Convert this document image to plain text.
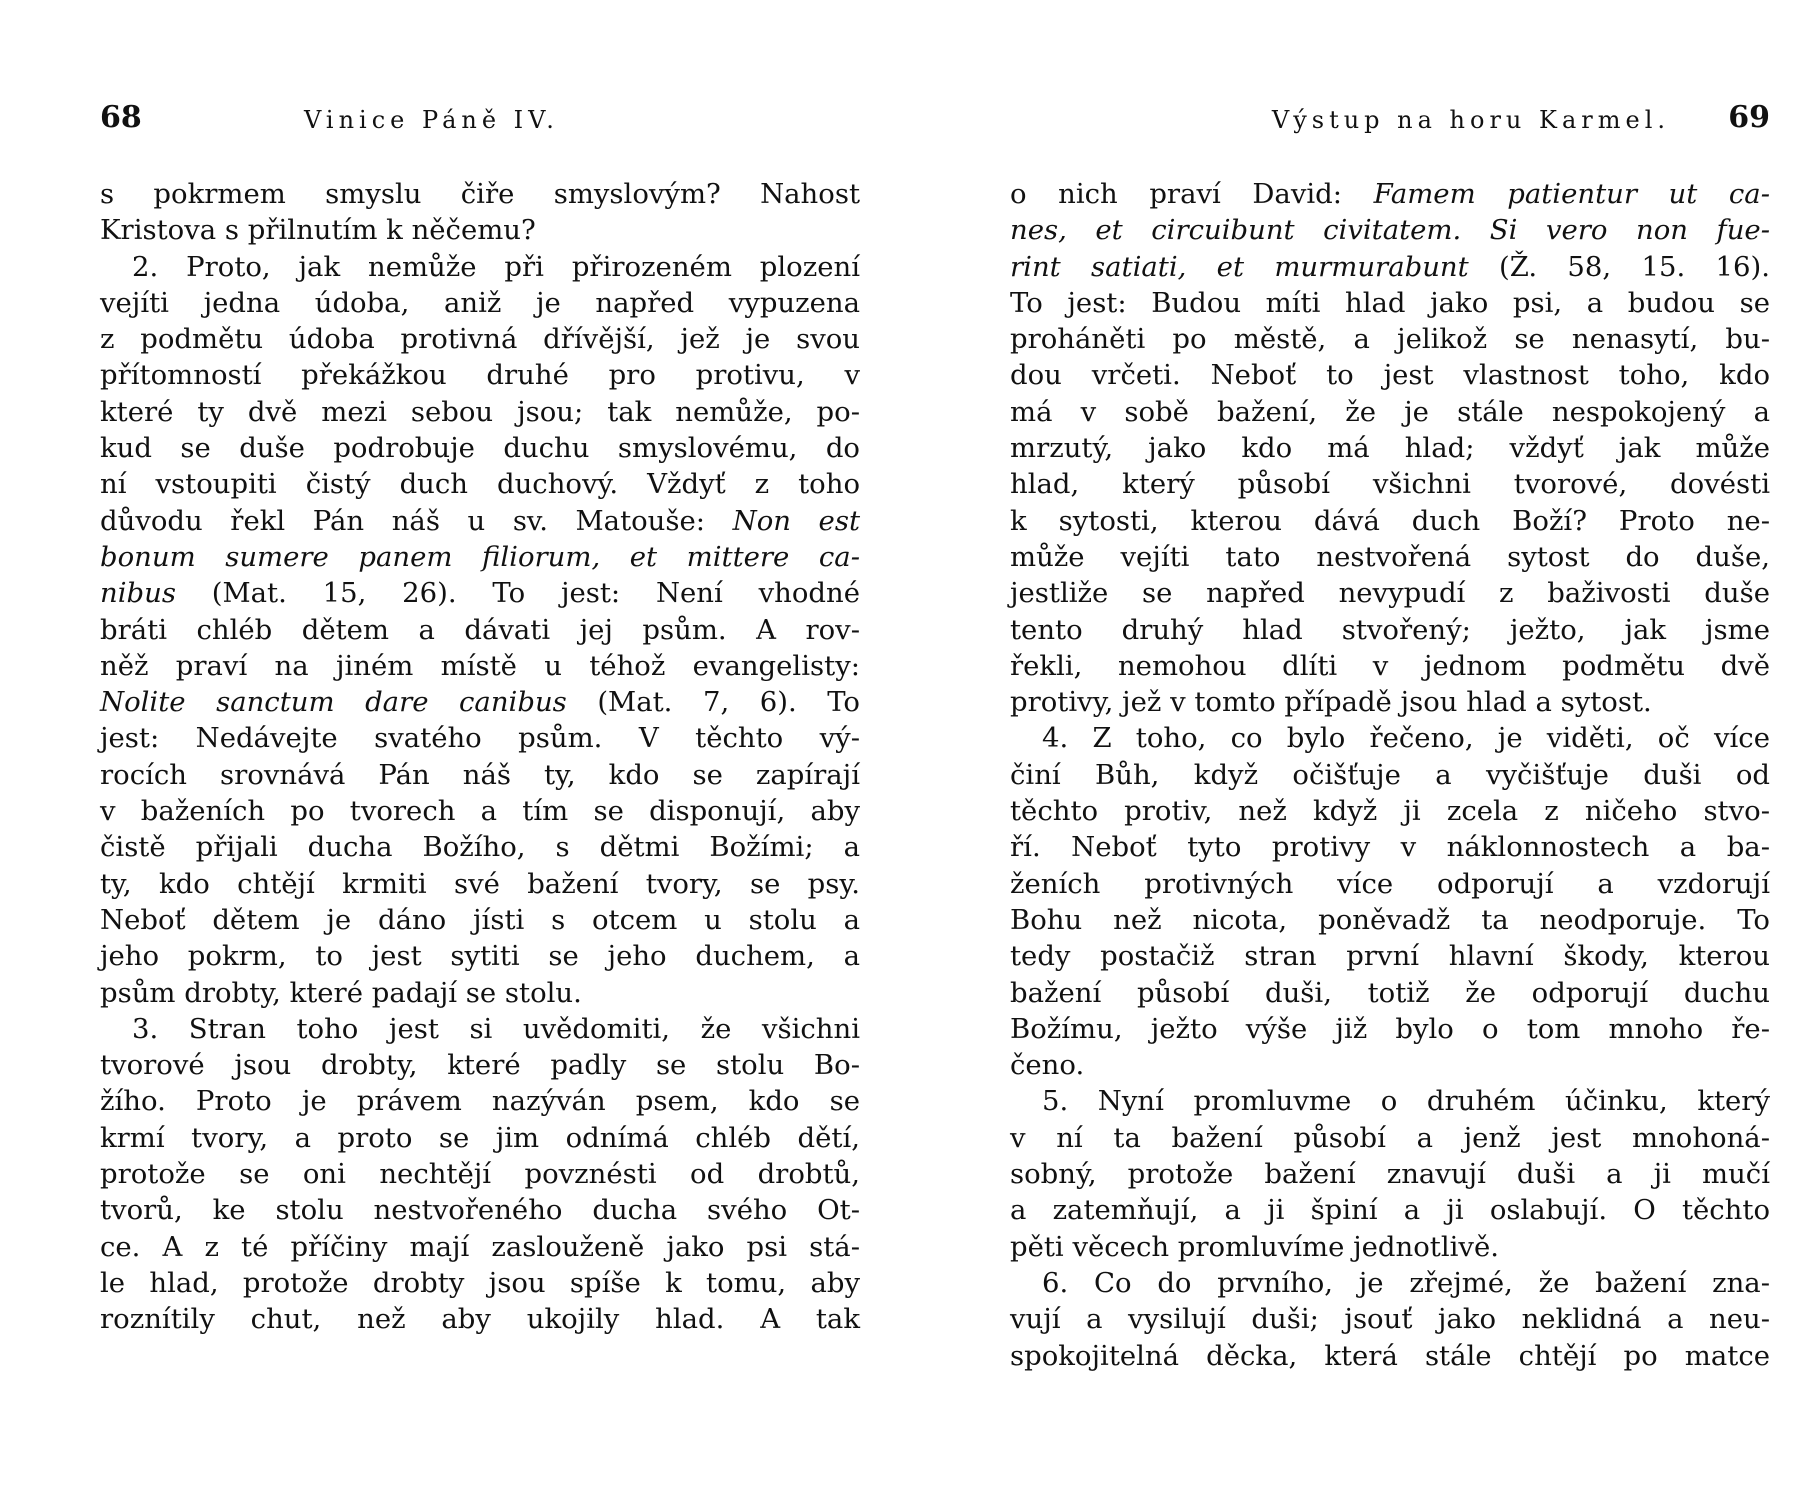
68	Vinice Páně IV.

s pokrmem smyslu čiře smyslovým? Nahost

Kristova s přilnutím k něčemu?

2. Proto, jak nemůže při přirozeném plození

vejíti jedna údoba, aniž je napřed vypuzena

z podmětu údoba protivná dřívější, jež je svou

přítomností překážkou druhé pro protivu, v

které ty dvě mezi sebou jsou; tak nemůže, po-

kud se duše podrobuje duchu smyslovému, do

ní vstoupiti čistý duch duchový. Vždyť z toho

důvodu řekl Pán náš u sv. Matouše: Non est

bonum sumere panem filiorum, et mittere ca-

nibus (Mat. 15, 26). To jest: Není vhodné

bráti chléb dětem a dávati jej psům. A rov-

něž praví na jiném místě u téhož evangelisty:

Nolite sanctum dare canibus (Mat. 7, 6). To

jest: Nedávejte svatého psům. V těchto vý-

rocích srovnává Pán náš ty, kdo se zapírají

v baženích po tvorech a tím se disponují, aby

čistě přijali ducha Božího, s dětmi Božími; a

ty, kdo chtějí krmiti své bažení tvory, se psy.

Neboť dětem je dáno jísti s otcem u stolu a

jeho pokrm, to jest sytiti se jeho duchem, a

psům drobty, které padají se stolu.

3. Stran toho jest si uvědomiti, že všichni

tvorové jsou drobty, které padly se stolu Bo-

žího. Proto je právem nazýván psem, kdo se

krmí tvory, a proto se jim odnímá chléb dětí,

protože se oni nechtějí povznésti od drobtů,

tvorů, ke stolu nestvořeného ducha svého Ot-

ce. A z té příčiny mají zaslouženě jako psi stá-

le hlad, protože drobty jsou spíše k tomu, aby

roznítily chut, než aby ukojily hlad. A tak

Výstup na horu Karmel. 69

o nich praví David: Famem patientur ut ca-

nes, et circuibunt civitatem. Si vero non fue-

rint satiati, et murmurabunt (Ž. 58, 15. 16).

To jest: Budou míti hlad jako psi, a budou se

proháněti po městě, a jelikož se nenasytí, bu-

dou vrčeti. Neboť to jest vlastnost toho, kdo

má v sobě bažení, že je stále nespokojený a

mrzutý, jako kdo má hlad; vždyť jak může

hlad, který působí všichni tvorové, dovésti

k sytosti, kterou dává duch Boží? Proto ne-

může vejíti tato nestvořená sytost do duše,

jestliže se napřed nevypudí z baživosti duše

tento druhý hlad stvořený; ježto, jak jsme

řekli, nemohou dlíti v jednom podmětu dvě

protivy, jež v tomto případě jsou hlad a sytost.

4. Z toho, co bylo řečeno, je viděti, oč více

činí Bůh, když očišťuje a vyčišťuje duši od

těchto protiv, než když ji zcela z ničeho stvo-

ří. Neboť tyto protivy v náklonnostech a ba-

ženích protivných více odporují a vzdorují

Bohu než nicota, poněvadž ta neodporuje. To

tedy postačiž stran první hlavní škody, kterou

bažení působí duši, totiž že odporují duchu

Božímu, ježto výše již bylo o tom mnoho ře-

čeno.

5. Nyní promluvme o druhém účinku, který

v ní ta bažení působí a jenž jest mnohoná-

sobný, protože bažení znavují duši a ji mučí

a zatemňují, a ji špiní a ji oslabují. O těchto

pěti věcech promluvíme jednotlivě.

6. Co do prvního, je zřejmé, že bažení zna-

vují a vysilují duši; jsouť jako neklidná a neu-

spokojitelná děcka, která stále chtějí po matce
